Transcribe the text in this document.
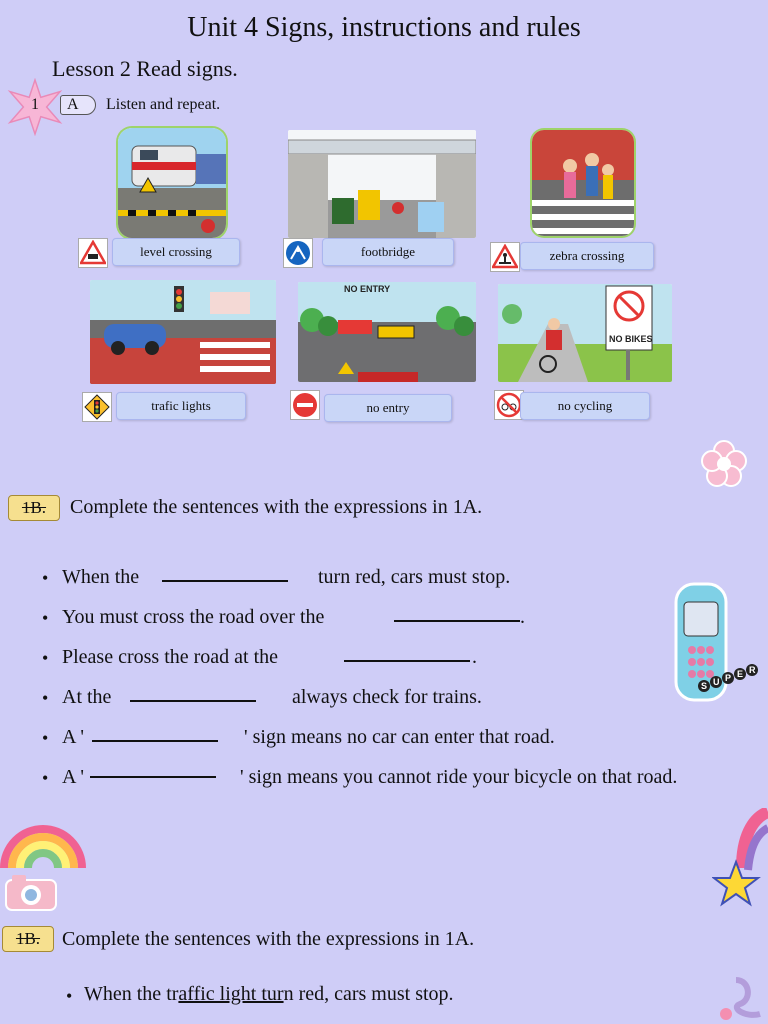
Unit 4 Signs, instructions and rules
Lesson 2 Read signs.
1	A	Listen and repeat.
NO ENTRY
NO BIKES
level crossing	footbridge	zebra crossing
trafic lights	no entry	no cycling
1B.	Complete the sentences with the expressions in 1A.
• When the	turn red, cars must stop.
• You must cross the road over the	.
• Please cross the road at the	.
• At the	always check for trains.
• A '	' sign means no car can enter that road.
• A '	' sign means you cannot ride your bicycle on that road.
1B.	Complete the sentences with the expressions in 1A.
• When the traffic light turn red, cars must stop.
S U P E R
